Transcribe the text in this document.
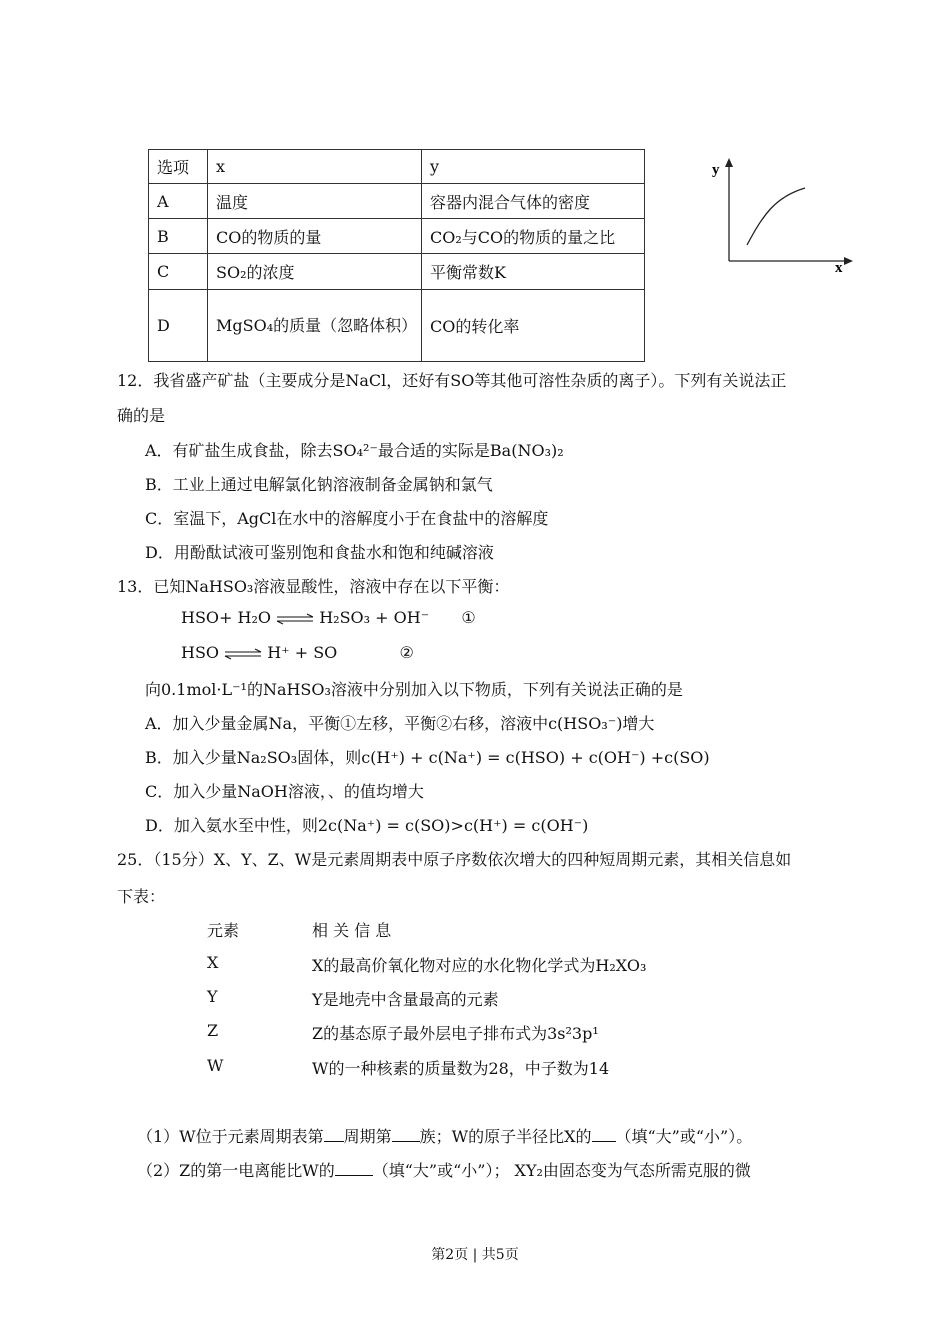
选项	x	y
A	温度	容器内混合气体的密度
B	CO的物质的量	CO₂与CO的物质的量之比
C	SO₂的浓度	平衡常数K
D	MgSO₄的质量（忽略体积）	CO的转化率
y
x
12．我省盛产矿盐（主要成分是NaCl，还好有SO等其他可溶性杂质的离子）。下列有关说法正
确的是
A．有矿盐生成食盐，除去SO₄²⁻最合适的实际是Ba(NO₃)₂
B．工业上通过电解氯化钠溶液制备金属钠和氯气
C．室温下，AgCl在水中的溶解度小于在食盐中的溶解度
D．用酚酞试液可鉴别饱和食盐水和饱和纯碱溶液
13．已知NaHSO₃溶液显酸性，溶液中存在以下平衡：
HSO+ H₂O ⇌ H₂SO₃ + OH⁻ ①
HSO ⇌ H⁺ + SO	②
向0.1mol·L⁻¹的NaHSO₃溶液中分别加入以下物质，下列有关说法正确的是
A．加入少量金属Na，平衡①左移，平衡②右移，溶液中c(HSO₃⁻)增大
B．加入少量Na₂SO₃固体，则c(H⁺) + c(Na⁺) = c(HSO) + c(OH⁻) +c(SO)
C．加入少量NaOH溶液，、的值均增大
D．加入氨水至中性，则2c(Na⁺) = c(SO)>c(H⁺) = c(OH⁻)
25．（15分）X、Y、Z、W是元素周期表中原子序数依次增大的四种短周期元素，其相关信息如
下表：
元素	相 关 信 息
X	X的最高价氧化物对应的水化物化学式为H₂XO₃
Y	Y是地壳中含量最高的元素
Z	Z的基态原子最外层电子排布式为3s²3p¹
W	W的一种核素的质量数为28，中子数为14
（1）W位于元素周期表第 周期第 族；W的原子半径比X的 （填“大”或“小”）。
（2）Z的第一电离能比W的 （填“大”或“小”）； XY₂由固态变为气态所需克服的微
第2页 | 共5页
